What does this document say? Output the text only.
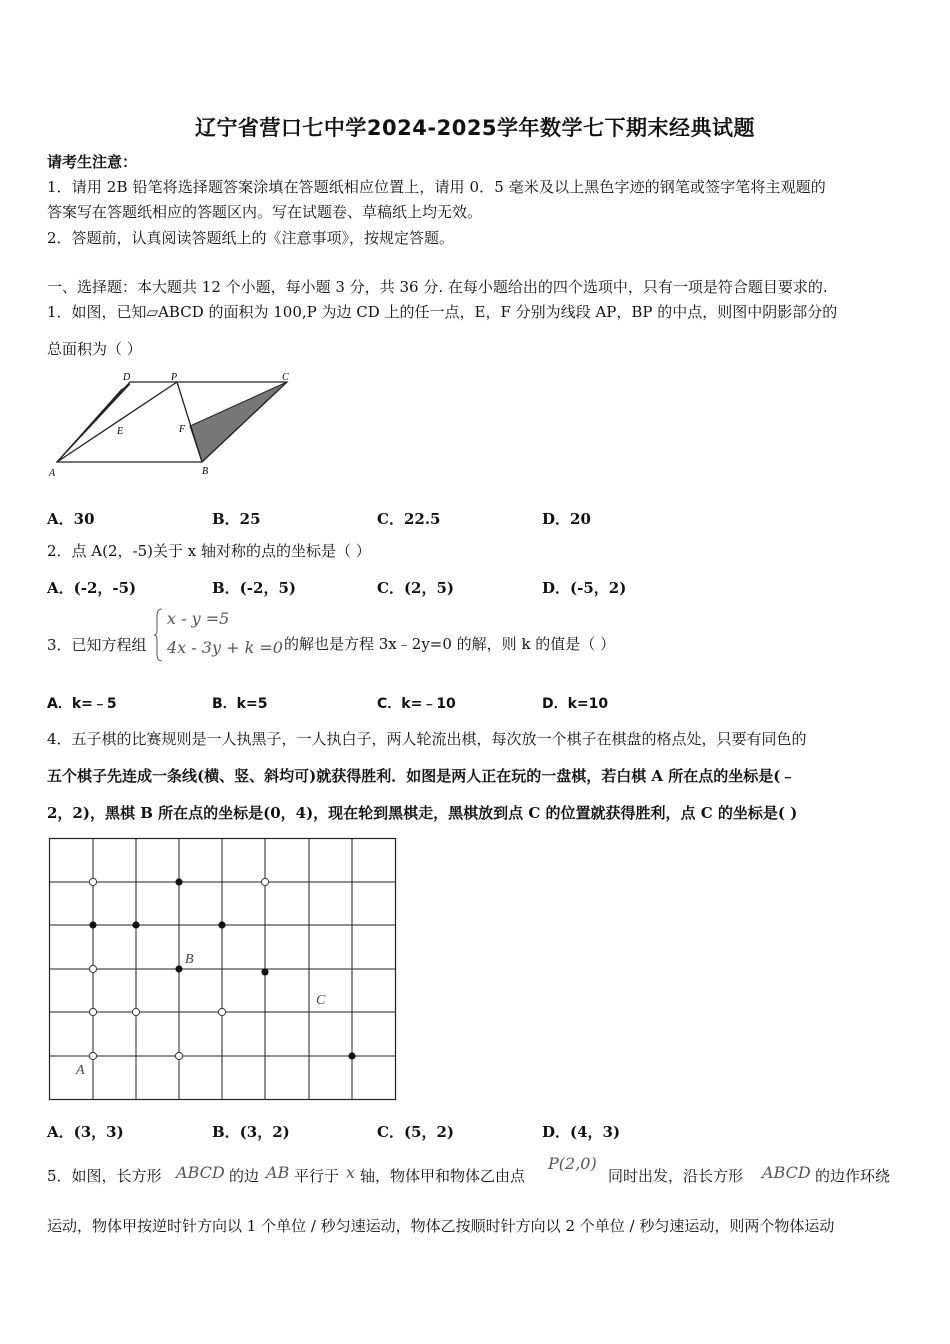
辽宁省营口七中学2024-2025学年数学七下期末经典试题
请考生注意：
1．请用 2B 铅笔将选择题答案涂填在答题纸相应位置上，请用 0．5 毫米及以上黑色字迹的钢笔或签字笔将主观题的
答案写在答题纸相应的答题区内。写在试题卷、草稿纸上均无效。
2．答题前，认真阅读答题纸上的《注意事项》，按规定答题。
一、选择题：本大题共 12 个小题，每小题 3 分，共 36 分. 在每小题给出的四个选项中，只有一项是符合题目要求的.
1．如图，已知▱ABCD 的面积为 100,P 为边 CD 上的任一点，E，F 分别为线段 AP，BP 的中点，则图中阴影部分的
总面积为（ ）
A	B
C
D	P
E	F
A．30	B．25	C．22.5	D．20
2．点 A(2，-5)关于 x 轴对称的点的坐标是（ ）
A．(-2，-5)	B．(-2，5)	C．(2，5)	D．(-5，2)
3．已知方程组
x - y =5
4x - 3y + k =0 的解也是方程 3x﹣2y=0 的解，则 k 的值是（ ）
A．k=﹣5	B．k=5	C．k=﹣10	D．k=10
4．五子棋的比赛规则是一人执黑子，一人执白子，两人轮流出棋，每次放一个棋子在棋盘的格点处，只要有同色的
五个棋子先连成一条线(横、竖、斜均可)就获得胜利．如图是两人正在玩的一盘棋，若白棋 A 所在点的坐标是(﹣
2，2)，黑棋 B 所在点的坐标是(0，4)，现在轮到黑棋走，黑棋放到点 C 的位置就获得胜利，点 C 的坐标是( )
B
C
A
A．(3，3)	B．(3，2)	C．(5，2)	D．(4，3)
5．如图，长方形 ABCD 的边 AB 平行于 x 轴，物体甲和物体乙由点
P(2,0)
同时出发，沿长方形 ABCD 的边作环绕
运动，物体甲按逆时针方向以 1 个单位 / 秒匀速运动，物体乙按顺时针方向以 2 个单位 / 秒匀速运动，则两个物体运动
